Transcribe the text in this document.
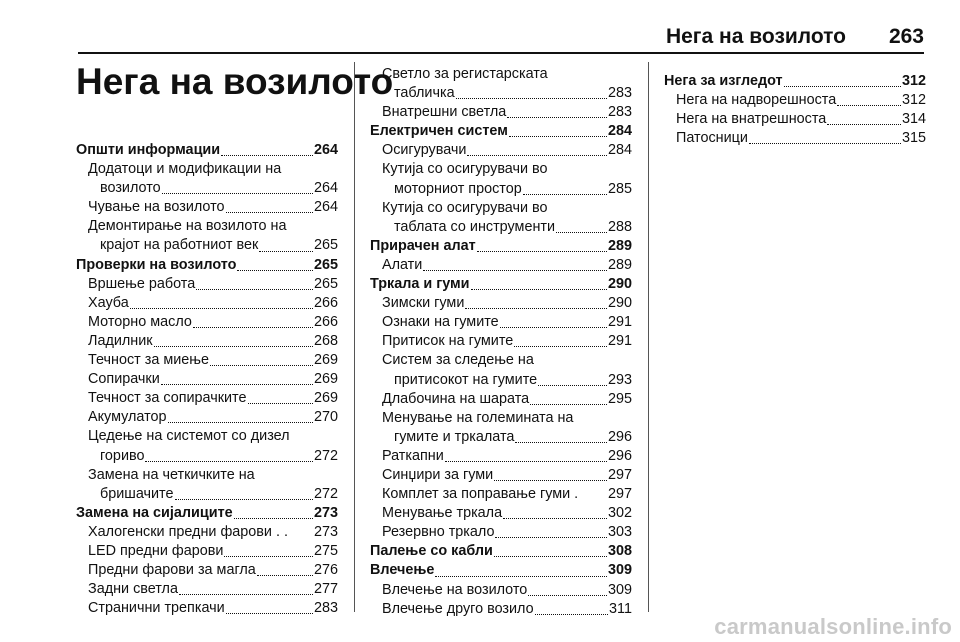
Нега на возилото 263
Нега на возилото
Општи информации	264
Додатоци и модификации на
возилото	264
Чување на возилото	264
Демонтирање на возилото на
крајот на работниот век	265
Проверки на возилото	265
Вршење работа	265
Хауба	266
Моторно масло	266
Ладилник	268
Течност за миење	269
Сопирачки	269
Течност за сопирачките	269
Акумулатор	270
Цедење на системот со дизел
гориво	272
Замена на четкичките на
бришачите	272
Замена на сијалиците	273
Халогенски предни фарови . . 273
LED предни фарови	275
Предни фарови за магла	276
Задни светла	277
Странични трепкачи	283
Светло за регистарската
табличка	283
Внатрешни светла	283
Електричен систем	284
Осигурувачи	284
Кутија со осигурувачи во
моторниот простор	285
Кутија со осигурувачи во
таблата со инструменти	288
Прирачен алат	289
Алати	289
Тркала и гуми	290
Зимски гуми	290
Ознаки на гумите	291
Притисок на гумите	291
Систем за следење на
притисокот на гумите	293
Длабочина на шарата	295
Менување на големината на
гумите и тркалата	296
Раткапни	296
Синџири за гуми	297
Комплет за поправање гуми . 297
Менување тркала	302
Резервно тркало	303
Палење со кабли	308
Влечење	309
Влечење на возилото	309
Влечење друго возило	311
Нега за изгледот	312
Нега на надворешноста	312
Нега на внатрешноста	314
Патосници	315
carmanualsonline.info
